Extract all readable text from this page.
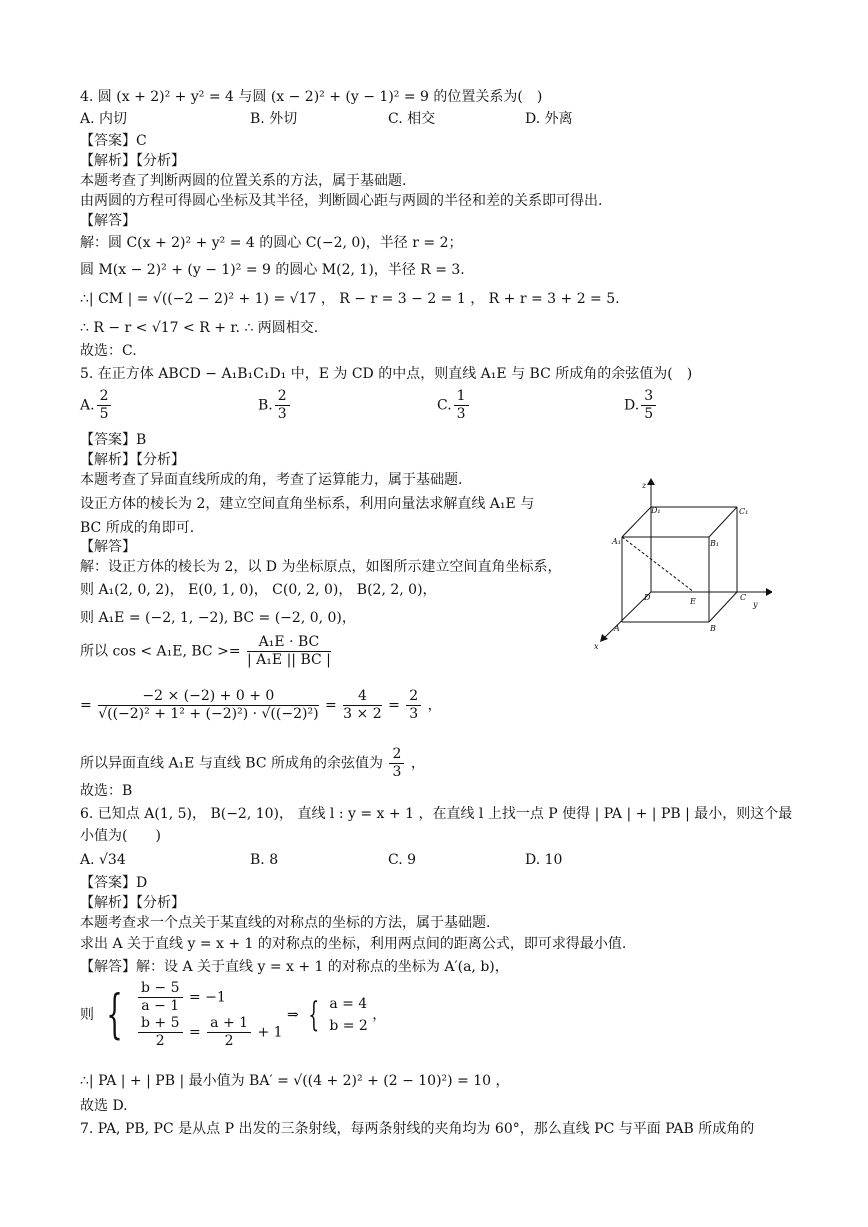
4. 圆 (x + 2)² + y² = 4 与圆 (x − 2)² + (y − 1)² = 9 的位置关系为(　)
A. 内切	B. 外切	C. 相交	D. 外离
【答案】C
【解析】【分析】
本题考查了判断两圆的位置关系的方法，属于基础题.
由两圆的方程可得圆心坐标及其半径，判断圆心距与两圆的半径和差的关系即可得出.
【解答】
解：圆 C(x + 2)² + y² = 4 的圆心 C(−2, 0)，半径 r = 2；
圆 M(x − 2)² + (y − 1)² = 9 的圆心 M(2, 1)，半径 R = 3.
∴| CM | = √((−2 − 2)² + 1) = √17 ， R − r = 3 − 2 = 1 ， R + r = 3 + 2 = 5.
∴ R − r < √17 < R + r. ∴ 两圆相交.
故选：C.
5. 在正方体 ABCD − A₁B₁C₁D₁ 中，E 为 CD 的中点，则直线 A₁E 与 BC 所成角的余弦值为(　)
A. $\frac{2}{5}$	B. $\frac{2}{3}$	C. $\frac{1}{3}$	D. $\frac{3}{5}$
【答案】B
【解析】【分析】
本题考查了异面直线所成的角，考查了运算能力，属于基础题.
设正方体的棱长为 2，建立空间直角坐标系，利用向量法求解直线 A₁E 与
BC 所成的角即可.
【解答】
解：设正方体的棱长为 2，以 D 为坐标原点，如图所示建立空间直角坐标系，
则 A₁(2, 0, 2)， E(0, 1, 0)， C(0, 2, 0)， B(2, 2, 0)，
则 A₁E = (−2, 1, −2), BC = (−2, 0, 0)，
所以 cos < A₁E, BC >= $\frac{\text{A₁E · BC}}{\text{| A₁E || BC |}}$
= $\frac{-2 \times (-2) + 0 + 0}{\text{√((−2)² + 1² + (−2)²) · √((−2)²)}} = \frac{4}{3 \times 2} = \frac{2}{3}$ ，
所以异面直线 A₁E 与直线 BC 所成角的余弦值为 $\frac{2}{3}$ ，
故选：B
z
y
x
D₁	C₁
A₁	B₁
D	E	C
A	B
6. 已知点 A(1, 5)， B(−2, 10)， 直线 l : y = x + 1 ，在直线 l 上找一点 P 使得 | PA | + | PB | 最小，则这个最
小值为(　　)
A. √34	B. 8	C. 9	D. 10
【答案】D
【解析】【分析】
本题考查求一个点关于某直线的对称点的坐标的方法，属于基础题.
求出 A 关于直线 y = x + 1 的对称点的坐标，利用两点间的距离公式，即可求得最小值.
【解答】解：设 A 关于直线 y = x + 1 的对称点的坐标为 A′(a, b)，
则 { $\frac{b - 5}{a - 1} = -1$
$\frac{b + 5}{2} = \frac{a + 1}{2} + 1$
⇒ { a = 4
b = 2
，
∴| PA | + | PB | 最小值为 BA′ = √((4 + 2)² + (2 − 10)²) = 10 ，
故选 D.
7. PA, PB, PC 是从点 P 出发的三条射线，每两条射线的夹角均为 60°，那么直线 PC 与平面 PAB 所成角的
